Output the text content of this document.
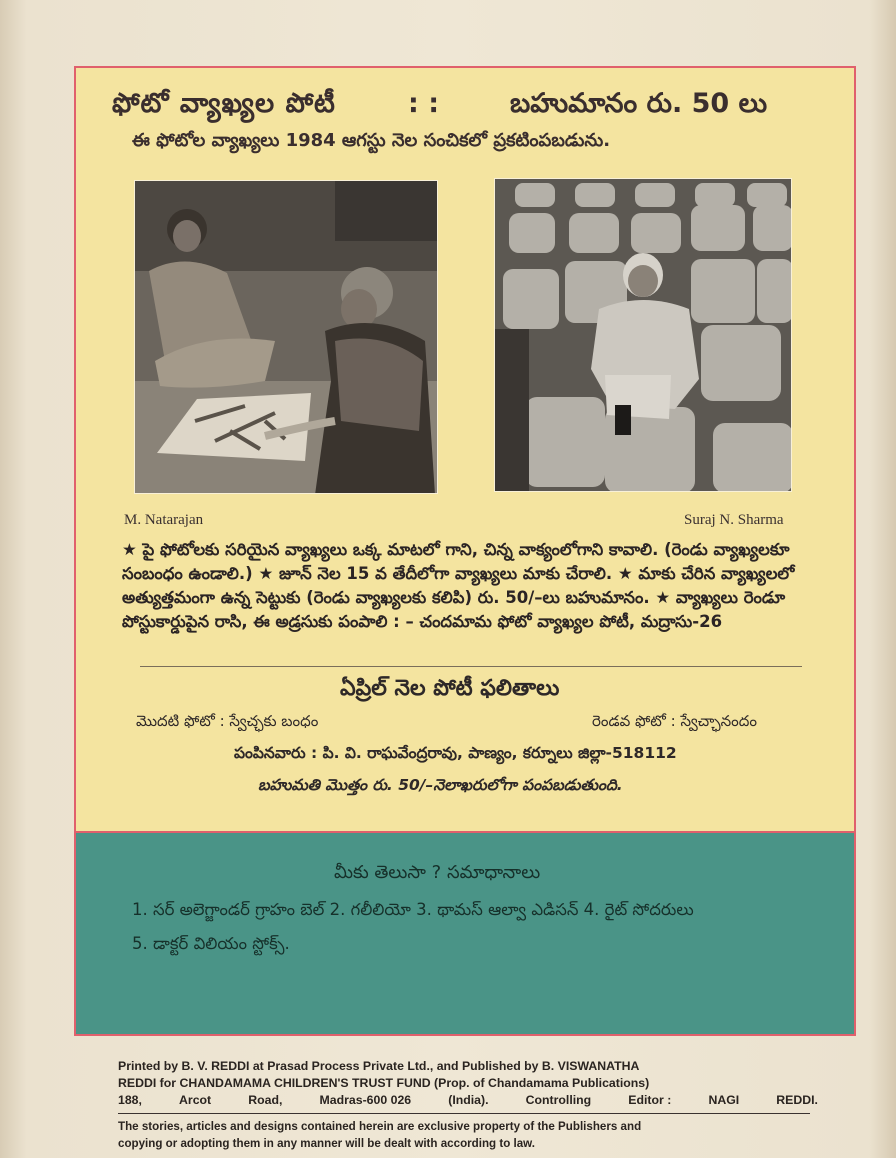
ఫోటో వ్యాఖ్యల పోటీ	: :	బహుమానం రు. 50 లు
ఈ ఫోటోల వ్యాఖ్యలు 1984 ఆగస్టు నెల సంచికలో ప్రకటింపబడును.
M. Natarajan	Suraj N. Sharma
★ పై ఫోటోలకు సరియైన వ్యాఖ్యలు ఒక్క మాటలో గాని, చిన్న వాక్యంలోగాని కావాలి. (రెండు వ్యాఖ్యలకూ సంబంధం ఉండాలి.) ★ జూన్ నెల 15 వ తేదీలోగా వ్యాఖ్యలు మాకు చేరాలి. ★ మాకు చేరిన వ్యాఖ్యలలో అత్యుత్తమంగా ఉన్న సెట్టుకు (రెండు వ్యాఖ్యలకు కలిపి) రు. 50/–లు బహుమానం. ★ వ్యాఖ్యలు రెండూ పోస్టుకార్డుపైన రాసి, ఈ అడ్రసుకు పంపాలి : – చందమామ ఫోటో వ్యాఖ్యల పోటీ, మద్రాసు-26
ఏప్రిల్ నెల పోటీ ఫలితాలు
మొదటి ఫోటో : స్వేచ్ఛకు బంధం	రెండవ ఫోటో : స్వేచ్ఛానందం
పంపినవారు : పి. వి. రాఘవేంద్రరావు, పాణ్యం, కర్నూలు జిల్లా-518112
బహుమతి మొత్తం రు. 50/–నెలాఖరులోగా పంపబడుతుంది.
మీకు తెలుసా ? సమాధానాలు
1. సర్ అలెగ్జాండర్ గ్రాహం బెల్ 2. గలీలియో 3. థామస్ ఆల్వా ఎడిసన్ 4. రైట్ సోదరులు
5. డాక్టర్ విలియం స్టోక్స్.
Printed by B. V. REDDI at Prasad Process Private Ltd., and Published by B. VISWANATHA
REDDI for CHANDAMAMA CHILDREN'S TRUST FUND (Prop. of Chandamama Publications)
188,	Arcot	Road,	Madras-600 026	(India).	Controlling	Editor :	NAGI	REDDI.
The stories, articles and designs contained herein are exclusive property of the Publishers and
copying or adopting them in any manner will be dealt with according to law.
